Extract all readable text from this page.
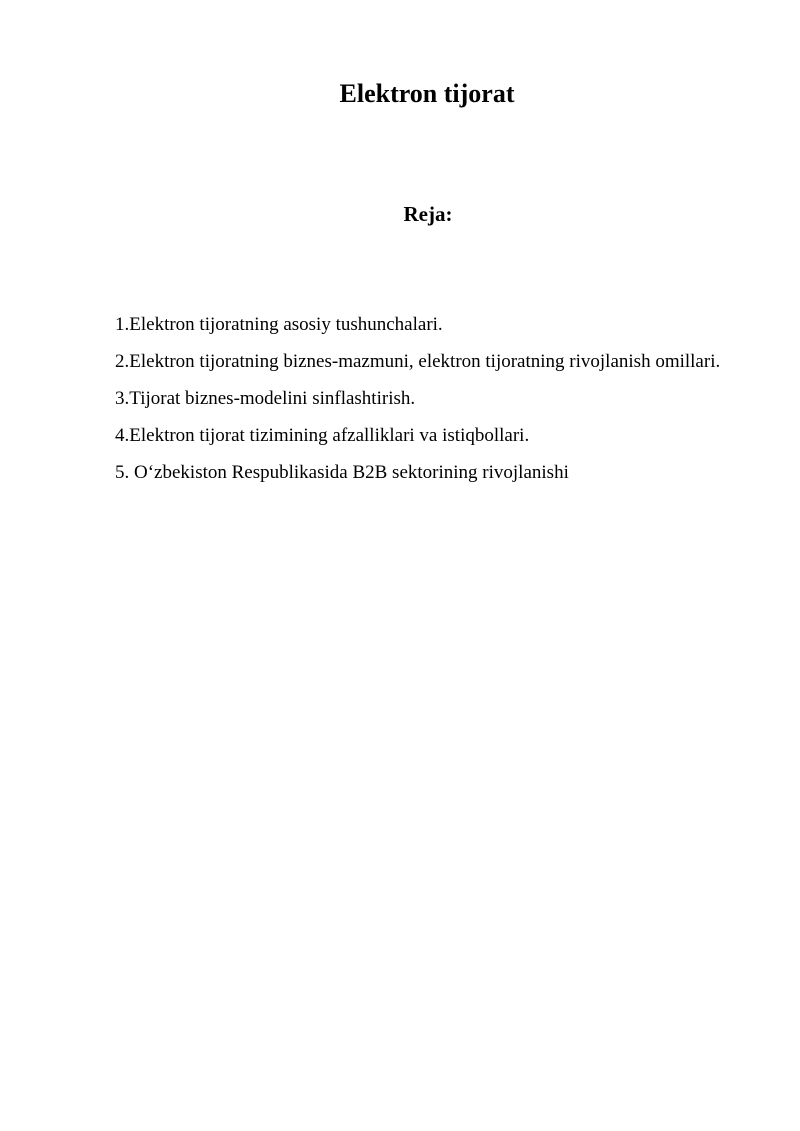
Elektron tijorat
Reja:
1.Elektron tijoratning asosiy tushunchalari.
2.Elektron tijoratning biznes-mazmuni, elektron tijoratning rivojlanish omillari.
3.Tijorat biznes-modelini sinflashtirish.
4.Elektron tijorat tizimining afzalliklari va istiqbollari.
5. O‘zbekiston Respublikasida B2B sektorining rivojlanishi
